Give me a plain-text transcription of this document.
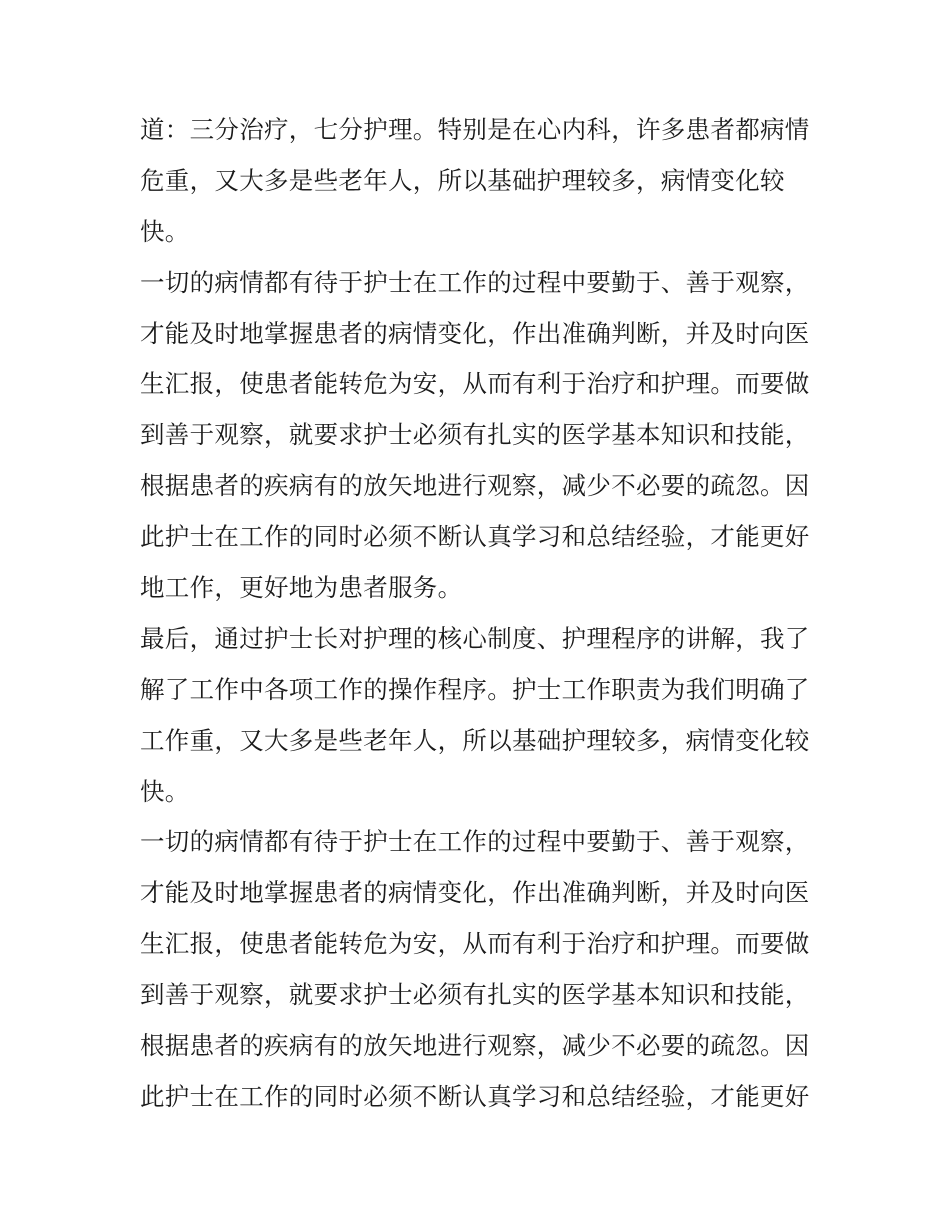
道：三分治疗，七分护理。特别是在心内科，许多患者都病情
危重，又大多是些老年人，所以基础护理较多，病情变化较
快。
一切的病情都有待于护士在工作的过程中要勤于、善于观察，
才能及时地掌握患者的病情变化，作出准确判断，并及时向医
生汇报，使患者能转危为安，从而有利于治疗和护理。而要做
到善于观察，就要求护士必须有扎实的医学基本知识和技能，
根据患者的疾病有的放矢地进行观察，减少不必要的疏忽。因
此护士在工作的同时必须不断认真学习和总结经验，才能更好
地工作，更好地为患者服务。
最后，通过护士长对护理的核心制度、护理程序的讲解，我了
解了工作中各项工作的操作程序。护士工作职责为我们明确了
工作重，又大多是些老年人，所以基础护理较多，病情变化较
快。
一切的病情都有待于护士在工作的过程中要勤于、善于观察，
才能及时地掌握患者的病情变化，作出准确判断，并及时向医
生汇报，使患者能转危为安，从而有利于治疗和护理。而要做
到善于观察，就要求护士必须有扎实的医学基本知识和技能，
根据患者的疾病有的放矢地进行观察，减少不必要的疏忽。因
此护士在工作的同时必须不断认真学习和总结经验，才能更好
